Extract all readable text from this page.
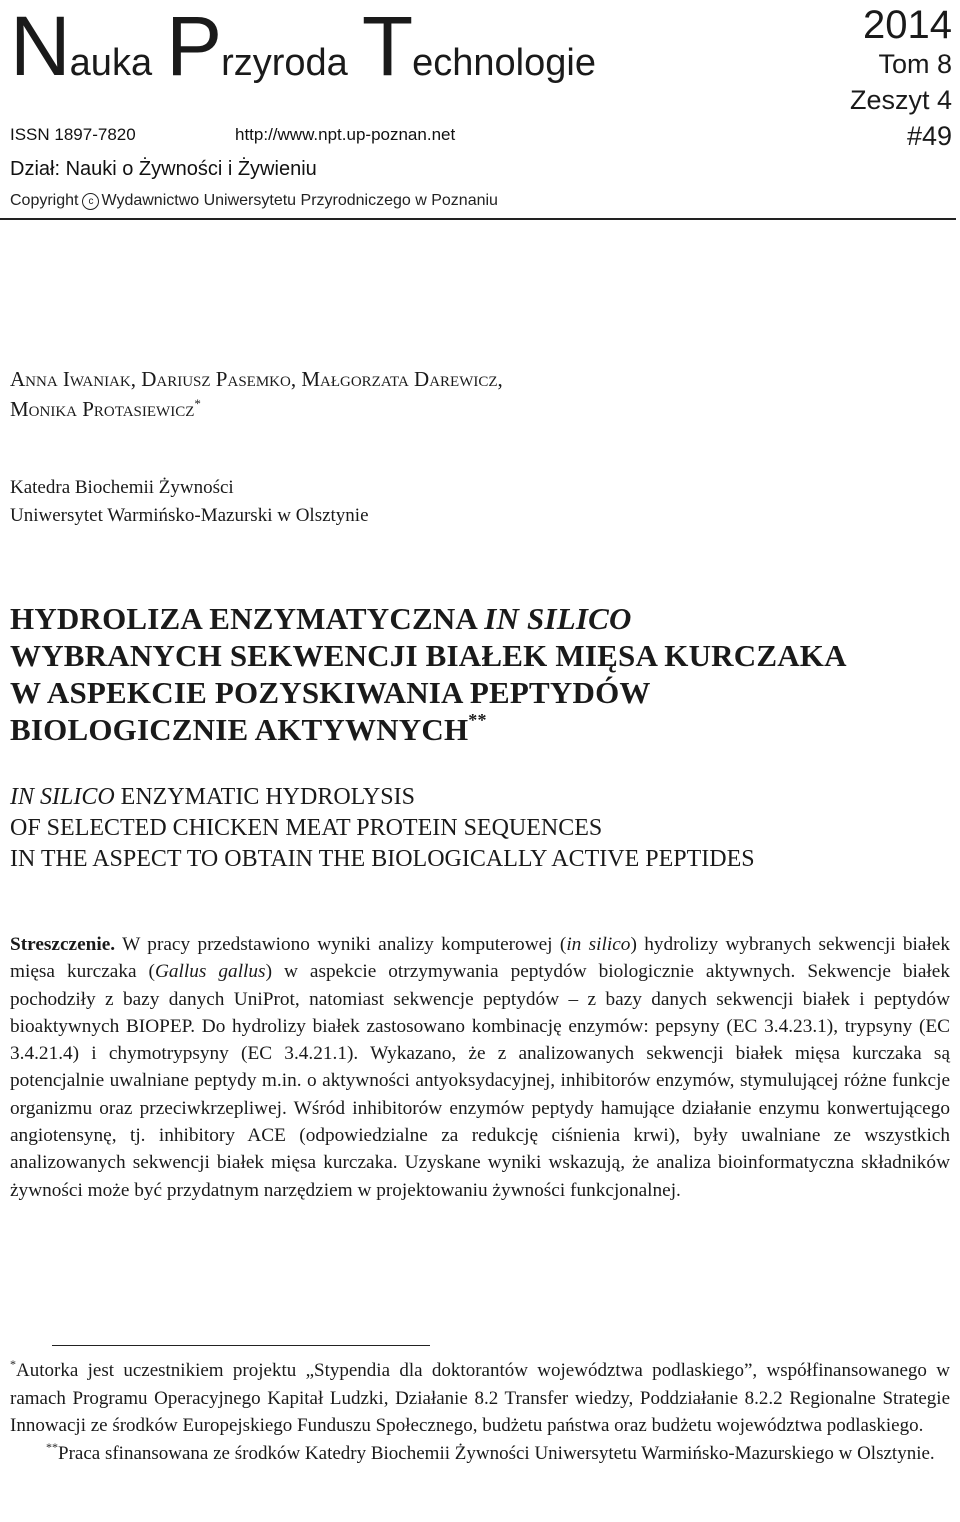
Nauka Przyroda Technologie
2014
Tom 8
Zeszyt 4
#49
ISSN 1897-7820	http://www.npt.up-poznan.net
Dział: Nauki o Żywności i Żywieniu
Copyright c Wydawnictwo Uniwersytetu Przyrodniczego w Poznaniu
Anna Iwaniak, Dariusz Pasemko, Małgorzata Darewicz,
Monika Protasiewicz*
Katedra Biochemii Żywności
Uniwersytet Warmińsko-Mazurski w Olsztynie
HYDROLIZA ENZYMATYCZNA IN SILICO
WYBRANYCH SEKWENCJI BIAŁEK MIĘSA KURCZAKA
W ASPEKCIE POZYSKIWANIA PEPTYDÓW
BIOLOGICZNIE AKTYWNYCH**
IN SILICO ENZYMATIC HYDROLYSIS
OF SELECTED CHICKEN MEAT PROTEIN SEQUENCES
IN THE ASPECT TO OBTAIN THE BIOLOGICALLY ACTIVE PEPTIDES
Streszczenie. W pracy przedstawiono wyniki analizy komputerowej (in silico) hydrolizy wybranych sekwencji białek mięsa kurczaka (Gallus gallus) w aspekcie otrzymywania peptydów biologicznie aktywnych. Sekwencje białek pochodziły z bazy danych UniProt, natomiast sekwencje peptydów – z bazy danych sekwencji białek i peptydów bioaktywnych BIOPEP. Do hydrolizy białek zastosowano kombinację enzymów: pepsyny (EC 3.4.23.1), trypsyny (EC 3.4.21.4) i chymotrypsyny (EC 3.4.21.1). Wykazano, że z analizowanych sekwencji białek mięsa kurczaka są potencjalnie uwalniane peptydy m.in. o aktywności antyoksydacyjnej, inhibitorów enzymów, stymulującej różne funkcje organizmu oraz przeciwkrzepliwej. Wśród inhibitorów enzymów peptydy hamujące działanie enzymu konwertującego angiotensynę, tj. inhibitory ACE (odpowiedzialne za redukcję ciśnienia krwi), były uwalniane ze wszystkich analizowanych sekwencji białek mięsa kurczaka. Uzyskane wyniki wskazują, że analiza bioinformatyczna składników żywności może być przydatnym narzędziem w projektowaniu żywności funkcjonalnej.
*Autorka jest uczestnikiem projektu „Stypendia dla doktorantów województwa podlaskiego”, współfinansowanego w ramach Programu Operacyjnego Kapitał Ludzki, Działanie 8.2 Transfer wiedzy, Poddziałanie 8.2.2 Regionalne Strategie Innowacji ze środków Europejskiego Funduszu Społecznego, budżetu państwa oraz budżetu województwa podlaskiego.
**Praca sfinansowana ze środków Katedry Biochemii Żywności Uniwersytetu Warmińsko-Mazurskiego w Olsztynie.
